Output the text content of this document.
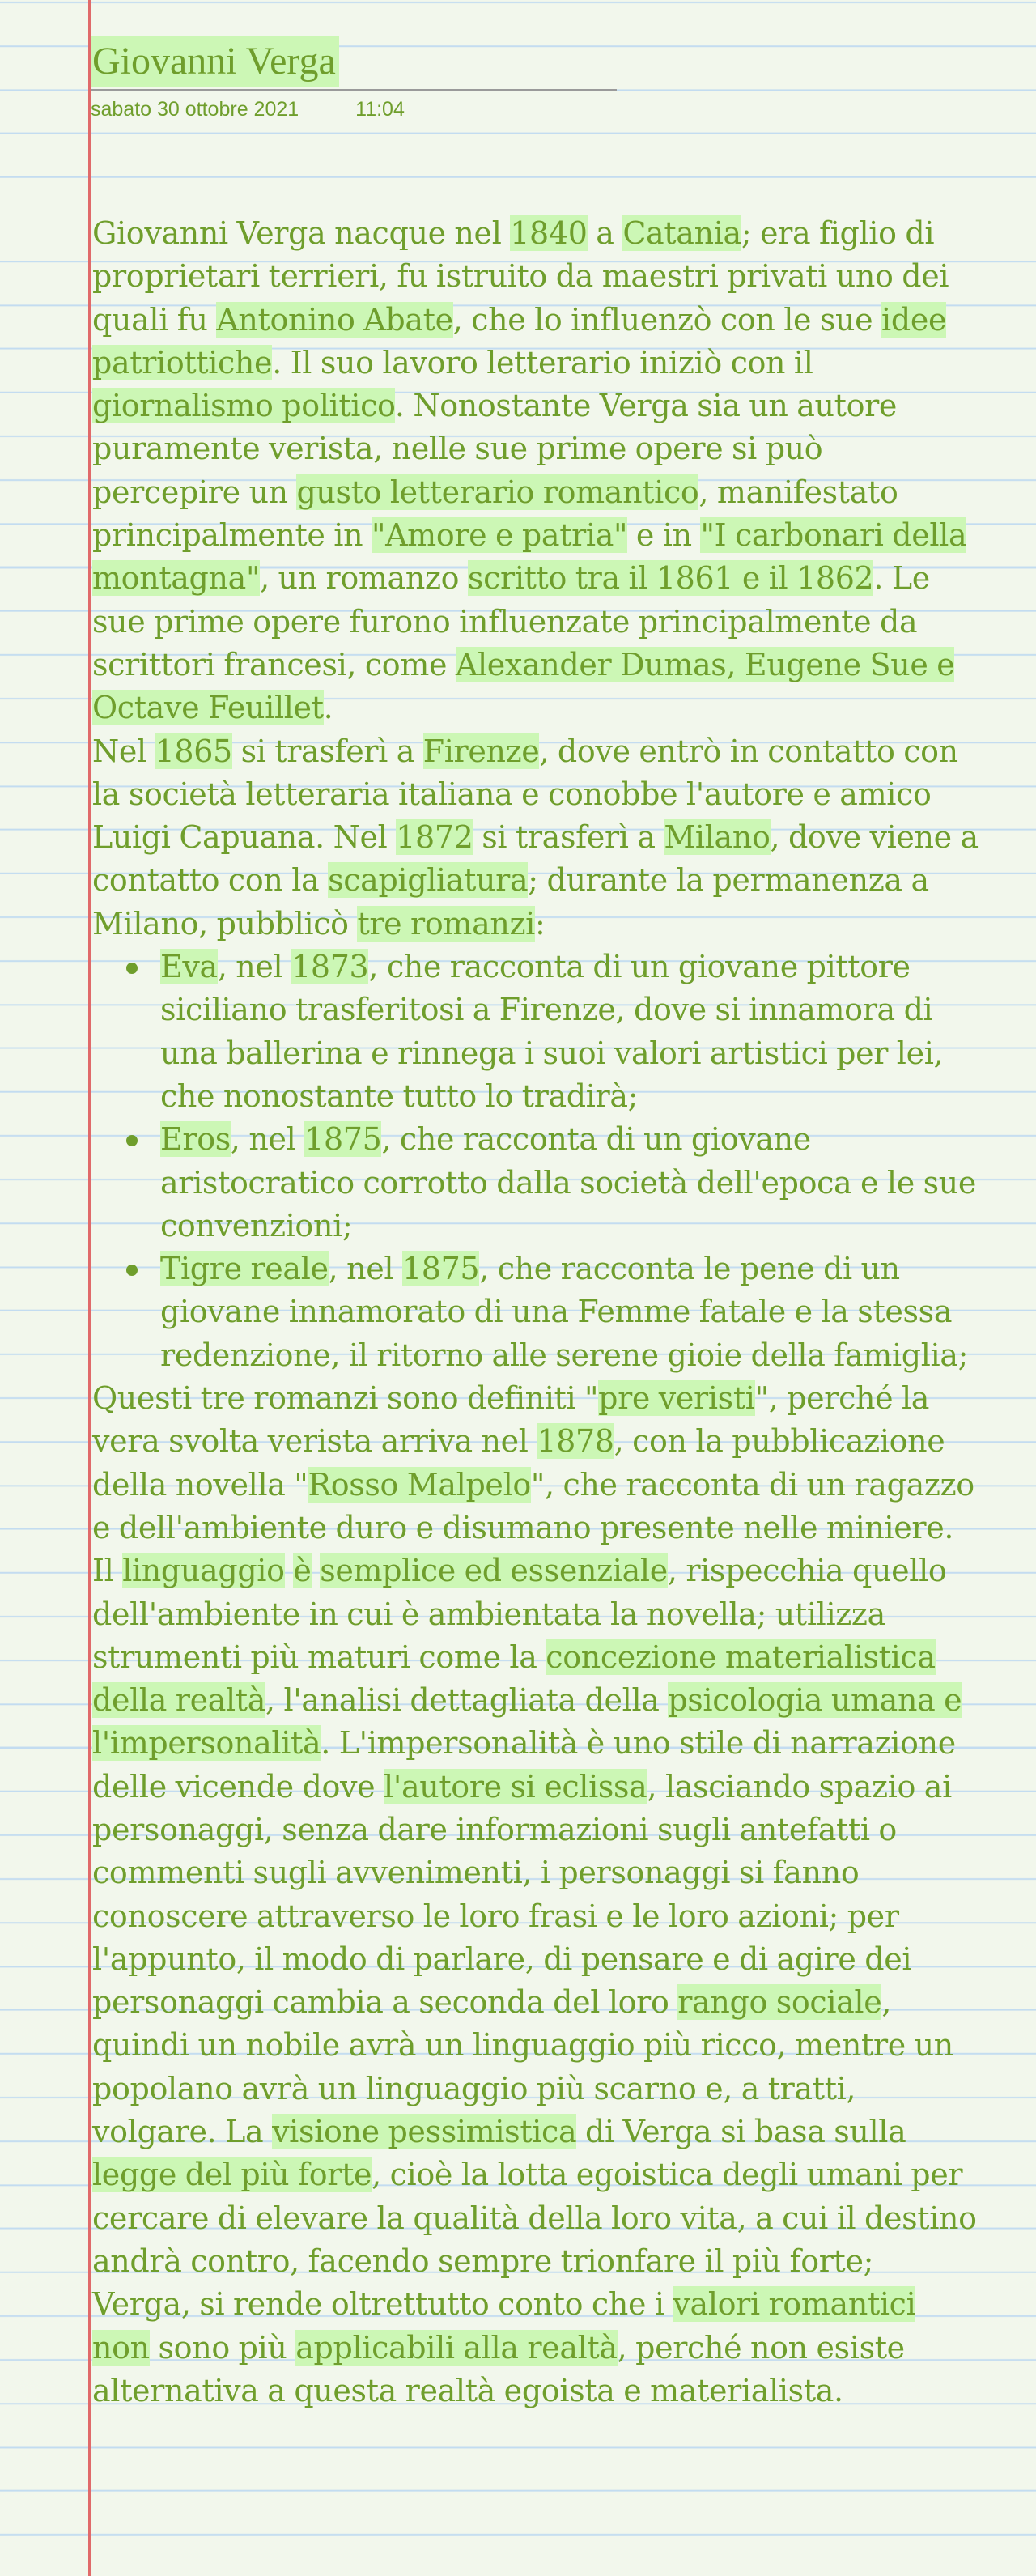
Giovanni Verga
sabato 30 ottobre 2021	11:04

Giovanni Verga nacque nel 1840 a Catania; era figlio di proprietari terrieri, fu istruito da maestri privati uno dei quali fu Antonino Abate, che lo influenzò con le sue idee patriottiche. Il suo lavoro letterario iniziò con il giornalismo politico. Nonostante Verga sia un autore puramente verista, nelle sue prime opere si può percepire un gusto letterario romantico, manifestato principalmente in "Amore e patria" e in "I carbonari della montagna", un romanzo scritto tra il 1861 e il 1862. Le sue prime opere furono influenzate principalmente da scrittori francesi, come Alexander Dumas, Eugene Sue e Octave Feuillet.

Nel 1865 si trasferì a Firenze, dove entrò in contatto con la società letteraria italiana e conobbe l'autore e amico Luigi Capuana. Nel 1872 si trasferì a Milano, dove viene a contatto con la scapigliatura; durante la permanenza a Milano, pubblicò tre romanzi:

Eva, nel 1873, che racconta di un giovane pittore siciliano trasferitosi a Firenze, dove si innamora di una ballerina e rinnega i suoi valori artistici per lei, che nonostante tutto lo tradirà;
Eros, nel 1875, che racconta di un giovane aristocratico corrotto dalla società dell'epoca e le sue convenzioni;
Tigre reale, nel 1875, che racconta le pene di un giovane innamorato di una Femme fatale e la stessa redenzione, il ritorno alle serene gioie della famiglia;

Questi tre romanzi sono definiti "pre veristi", perché la vera svolta verista arriva nel 1878, con la pubblicazione della novella "Rosso Malpelo", che racconta di un ragazzo e dell'ambiente duro e disumano presente nelle miniere. Il linguaggio è semplice ed essenziale, rispecchia quello dell'ambiente in cui è ambientata la novella; utilizza strumenti più maturi come la concezione materialistica della realtà, l'analisi dettagliata della psicologia umana e l'impersonalità. L'impersonalità è uno stile di narrazione delle vicende dove l'autore si eclissa, lasciando spazio ai personaggi, senza dare informazioni sugli antefatti o commenti sugli avvenimenti, i personaggi si fanno conoscere attraverso le loro frasi e le loro azioni; per l'appunto, il modo di parlare, di pensare e di agire dei personaggi cambia a seconda del loro rango sociale, quindi un nobile avrà un linguaggio più ricco, mentre un popolano avrà un linguaggio più scarno e, a tratti, volgare. La visione pessimistica di Verga si basa sulla legge del più forte, cioè la lotta egoistica degli umani per cercare di elevare la qualità della loro vita, a cui il destino andrà contro, facendo sempre trionfare il più forte; Verga, si rende oltrettutto conto che i valori romantici non sono più applicabili alla realtà, perché non esiste alternativa a questa realtà egoista e materialista.
